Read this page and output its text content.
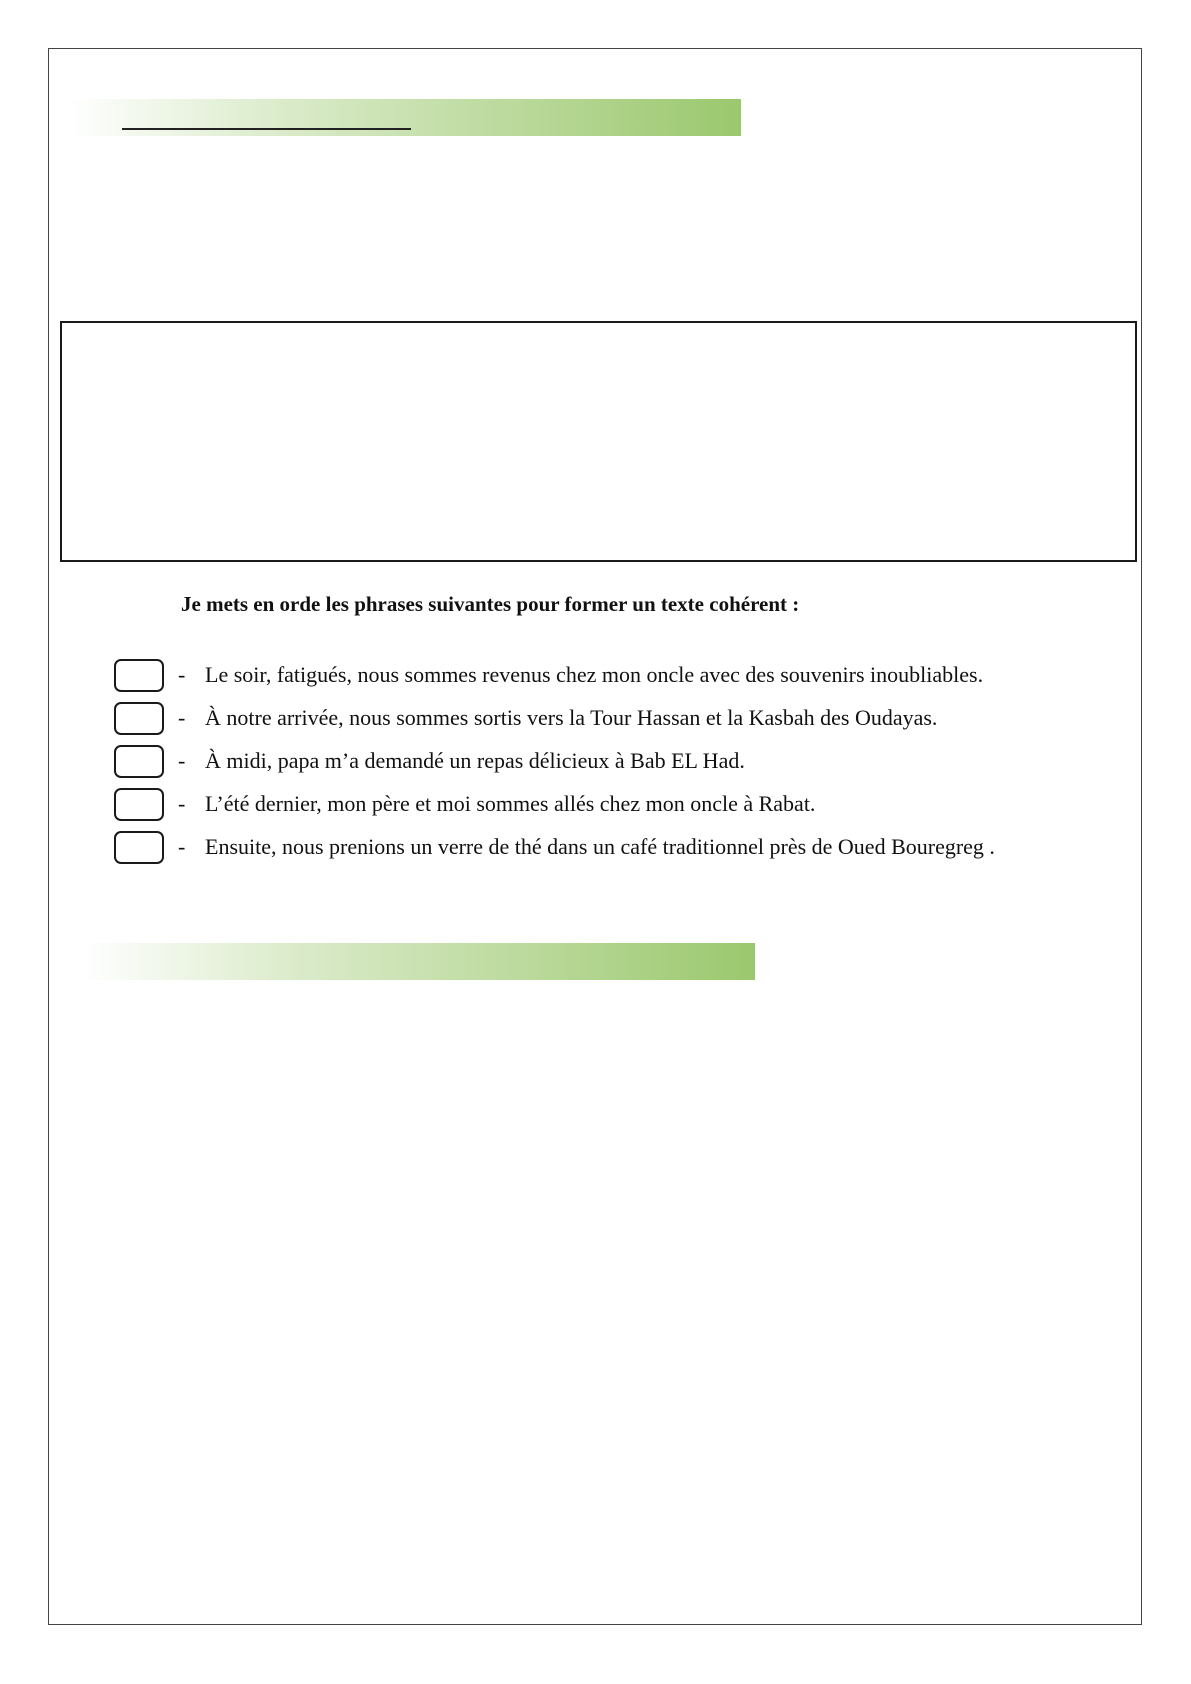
Je mets en orde les phrases suivantes pour former un texte cohérent :
- Le soir, fatigués, nous sommes revenus chez mon oncle avec des souvenirs inoubliables.
- À notre arrivée, nous sommes sortis vers la Tour Hassan et la Kasbah des Oudayas.
- À midi, papa m’a demandé un repas délicieux à Bab EL Had.
- L’été dernier, mon père et moi sommes allés chez mon oncle à Rabat.
- Ensuite, nous prenions un verre de thé dans un café traditionnel près de Oued Bouregreg .
